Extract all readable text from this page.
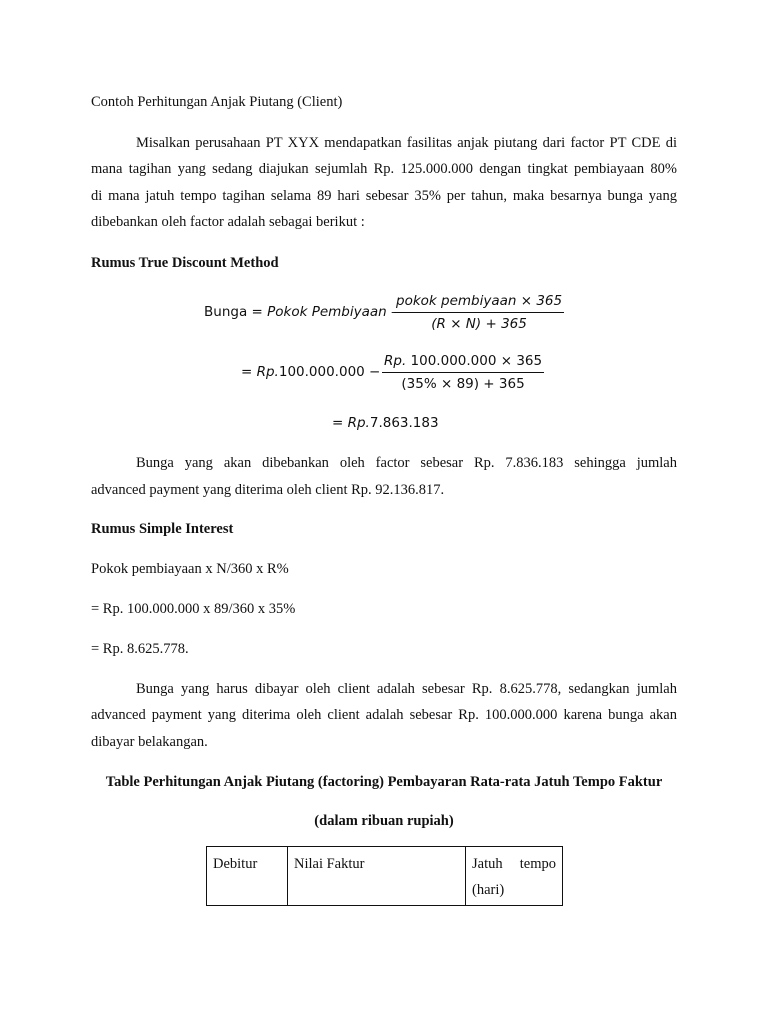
Contoh Perhitungan Anjak Piutang (Client)
Misalkan perusahaan PT XYX mendapatkan fasilitas anjak piutang dari factor PT CDE di
mana tagihan yang sedang diajukan sejumlah Rp. 125.000.000 dengan tingkat pembiayaan 80%
di mana jatuh tempo tagihan selama 89 hari sebesar 35% per tahun, maka besarnya bunga yang
dibebankan oleh factor adalah sebagai berikut :
Rumus True Discount Method
Bunga = Pokok Pembiyaan –
pokok pembiyaan × 365
(R × N) + 365
= Rp.100.000.000 −
Rp. 100.000.000 × 365
(35% × 89) + 365
= Rp.7.863.183
Bunga yang akan dibebankan oleh factor sebesar Rp. 7.836.183 sehingga jumlah
advanced payment yang diterima oleh client Rp. 92.136.817.
Rumus Simple Interest
Pokok pembiayaan x N/360 x R%
= Rp. 100.000.000 x 89/360 x 35%
= Rp. 8.625.778.
Bunga yang harus dibayar oleh client adalah sebesar Rp. 8.625.778, sedangkan jumlah
advanced payment yang diterima oleh client adalah sebesar Rp. 100.000.000 karena bunga akan
dibayar belakangan.
Table Perhitungan Anjak Piutang (factoring) Pembayaran Rata-rata Jatuh Tempo Faktur
(dalam ribuan rupiah)
Debitur	Nilai Faktur	Jatuh tempo
(hari)
